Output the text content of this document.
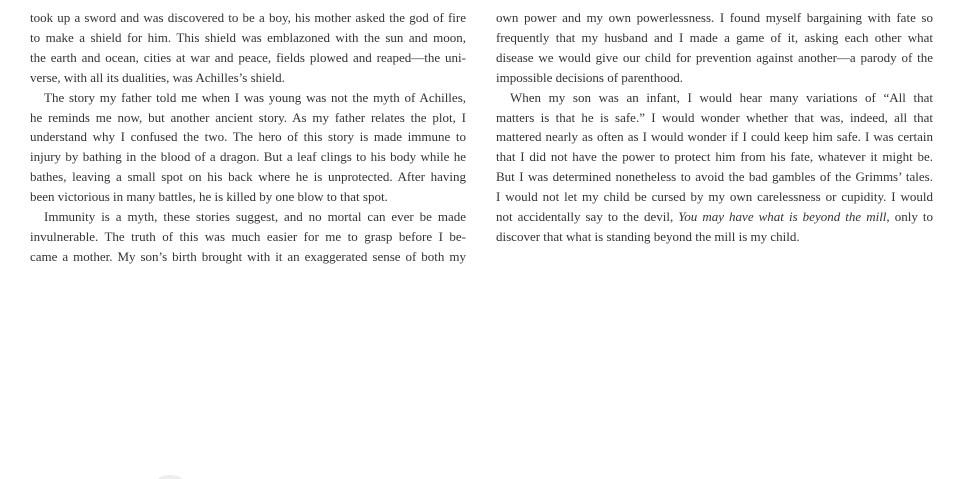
took up a sword and was discovered to be a boy, his mother asked the god of fire
to make a shield for him. This shield was emblazoned with the sun and moon,
the earth and ocean, cities at war and peace, fields plowed and reaped—the uni-
verse, with all its dualities, was Achilles’s shield.
The story my father told me when I was young was not the myth of Achilles,
he reminds me now, but another ancient story. As my father relates the plot, I
understand why I confused the two. The hero of this story is made immune to
injury by bathing in the blood of a dragon. But a leaf clings to his body while he
bathes, leaving a small spot on his back where he is unprotected. After having
been victorious in many battles, he is killed by one blow to that spot.
Immunity is a myth, these stories suggest, and no mortal can ever be made
invulnerable. The truth of this was much easier for me to grasp before I be-
came a mother. My son’s birth brought with it an exaggerated sense of both my
own power and my own powerlessness. I found myself bargaining with fate so
frequently that my husband and I made a game of it, asking each other what
disease we would give our child for prevention against another—a parody of the
impossible decisions of parenthood.
When my son was an infant, I would hear many variations of “All that
matters is that he is safe.” I would wonder whether that was, indeed, all that
mattered nearly as often as I would wonder if I could keep him safe. I was certain
that I did not have the power to protect him from his fate, whatever it might be.
But I was determined nonetheless to avoid the bad gambles of the Grimms’ tales.
I would not let my child be cursed by my own carelessness or cupidity. I would
not accidentally say to the devil, You may have what is beyond the mill, only to
discover that what is standing beyond the mill is my child.
